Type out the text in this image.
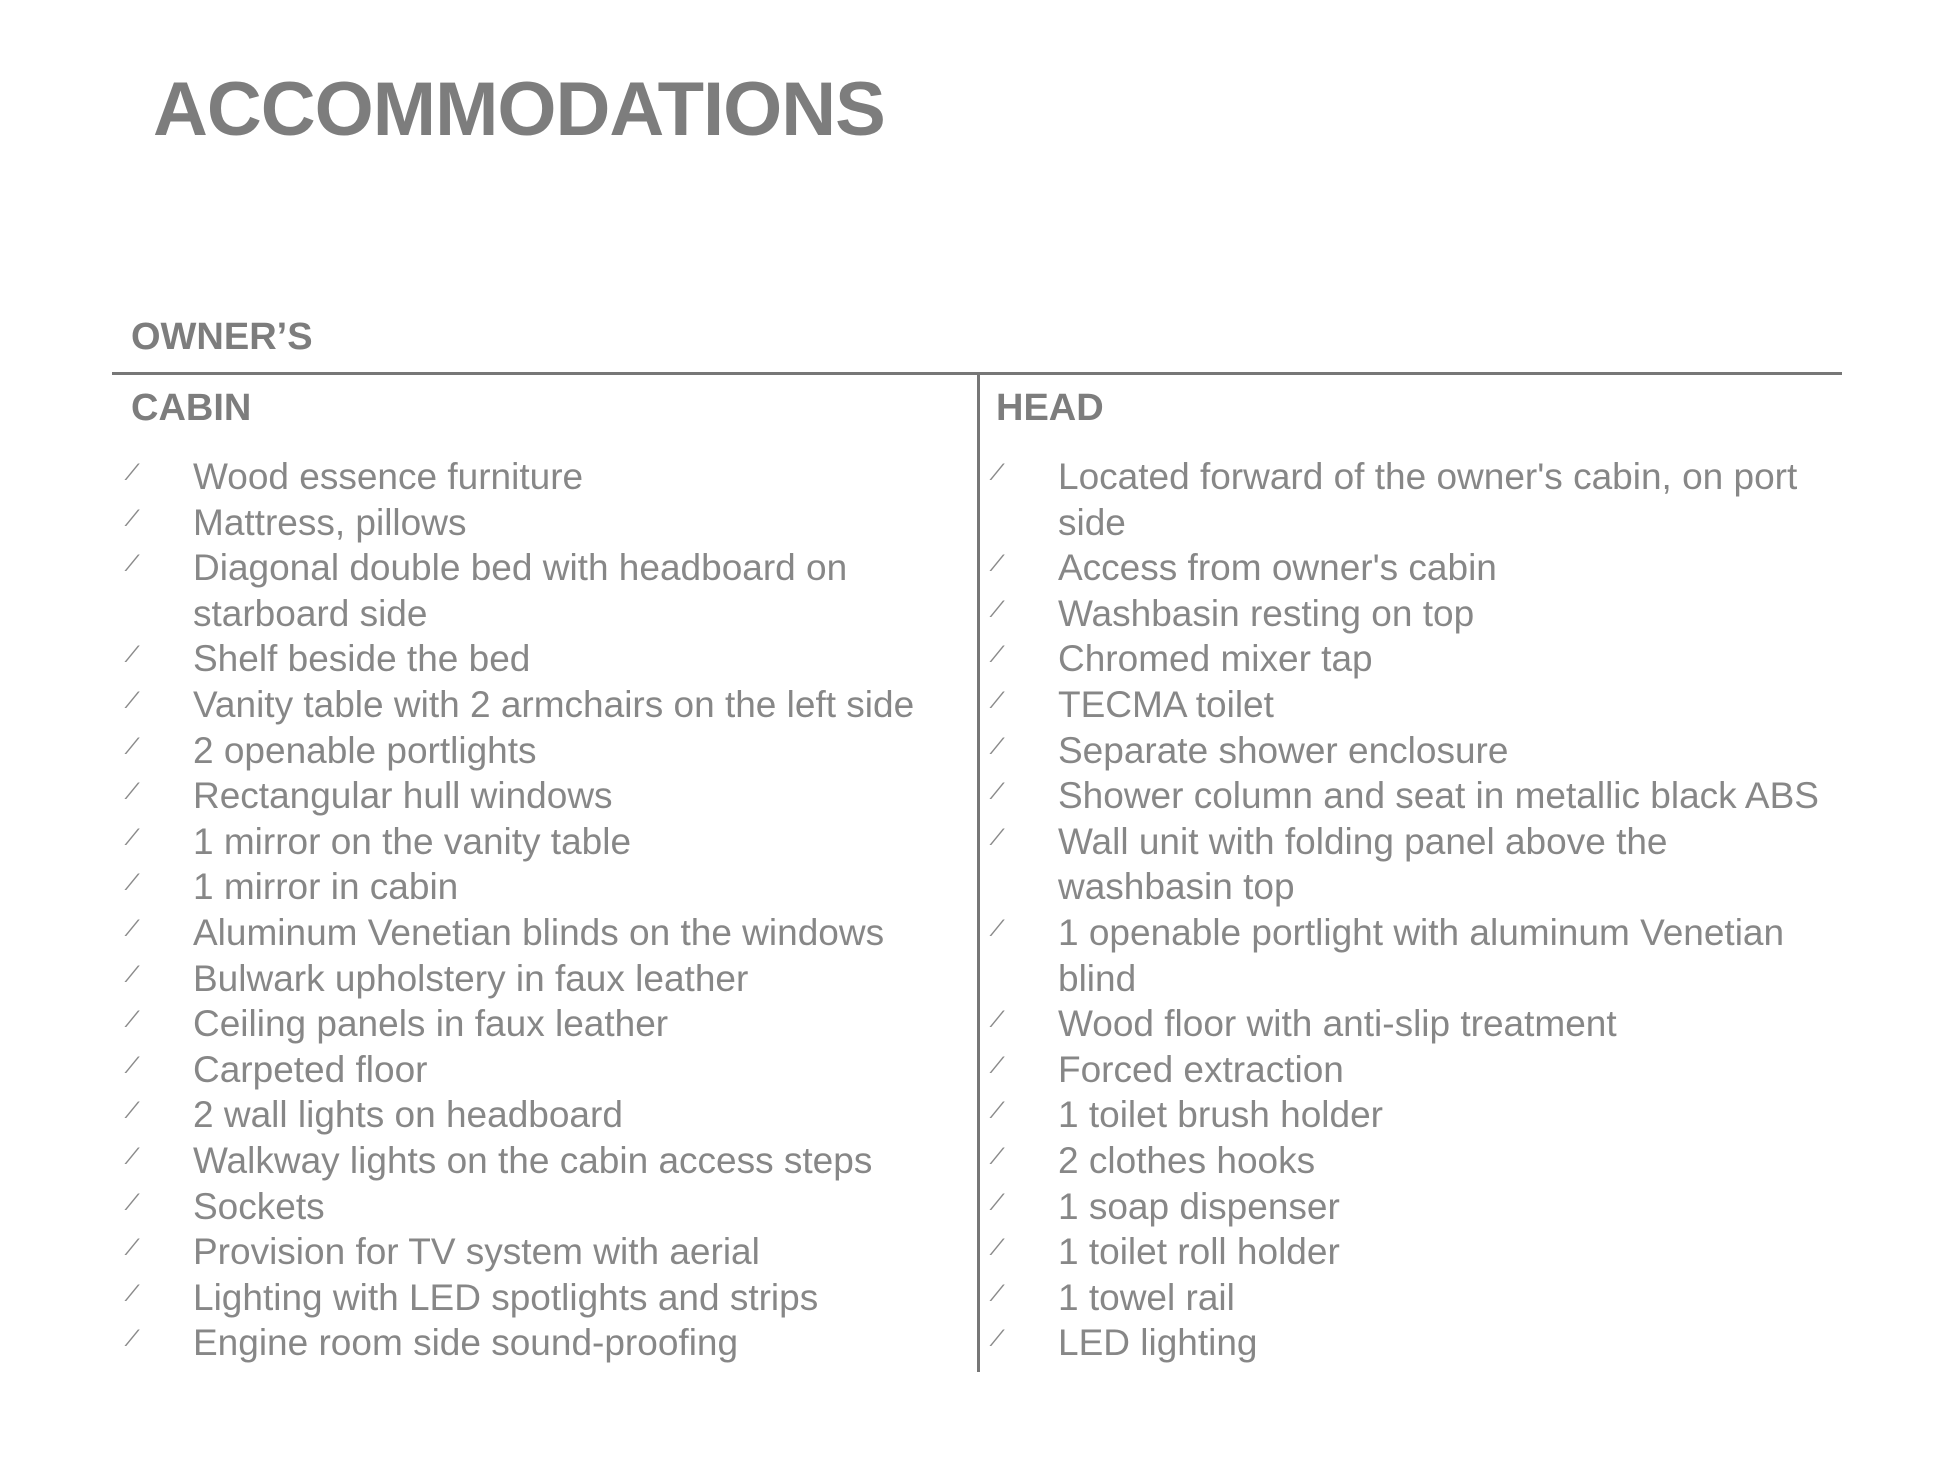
ACCOMMODATIONS
OWNER’S
CABIN
⁄ Wood essence furniture
⁄ Mattress, pillows
⁄ Diagonal double bed with headboard on starboard side
⁄ Shelf beside the bed
⁄ Vanity table with 2 armchairs on the left side
⁄ 2 openable portlights
⁄ Rectangular hull windows
⁄ 1 mirror on the vanity table
⁄ 1 mirror in cabin
⁄ Aluminum Venetian blinds on the windows
⁄ Bulwark upholstery in faux leather
⁄ Ceiling panels in faux leather
⁄ Carpeted floor
⁄ 2 wall lights on headboard
⁄ Walkway lights on the cabin access steps
⁄ Sockets
⁄ Provision for TV system with aerial
⁄ Lighting with LED spotlights and strips
⁄ Engine room side sound-proofing
HEAD
⁄ Located forward of the owner's cabin, on port side
⁄ Access from owner's cabin
⁄ Washbasin resting on top
⁄ Chromed mixer tap
⁄ TECMA toilet
⁄ Separate shower enclosure
⁄ Shower column and seat in metallic black ABS
⁄ Wall unit with folding panel above the washbasin top
⁄ 1 openable portlight with aluminum Venetian blind
⁄ Wood floor with anti-slip treatment
⁄ Forced extraction
⁄ 1 toilet brush holder
⁄ 2 clothes hooks
⁄ 1 soap dispenser
⁄ 1 toilet roll holder
⁄ 1 towel rail
⁄ LED lighting
